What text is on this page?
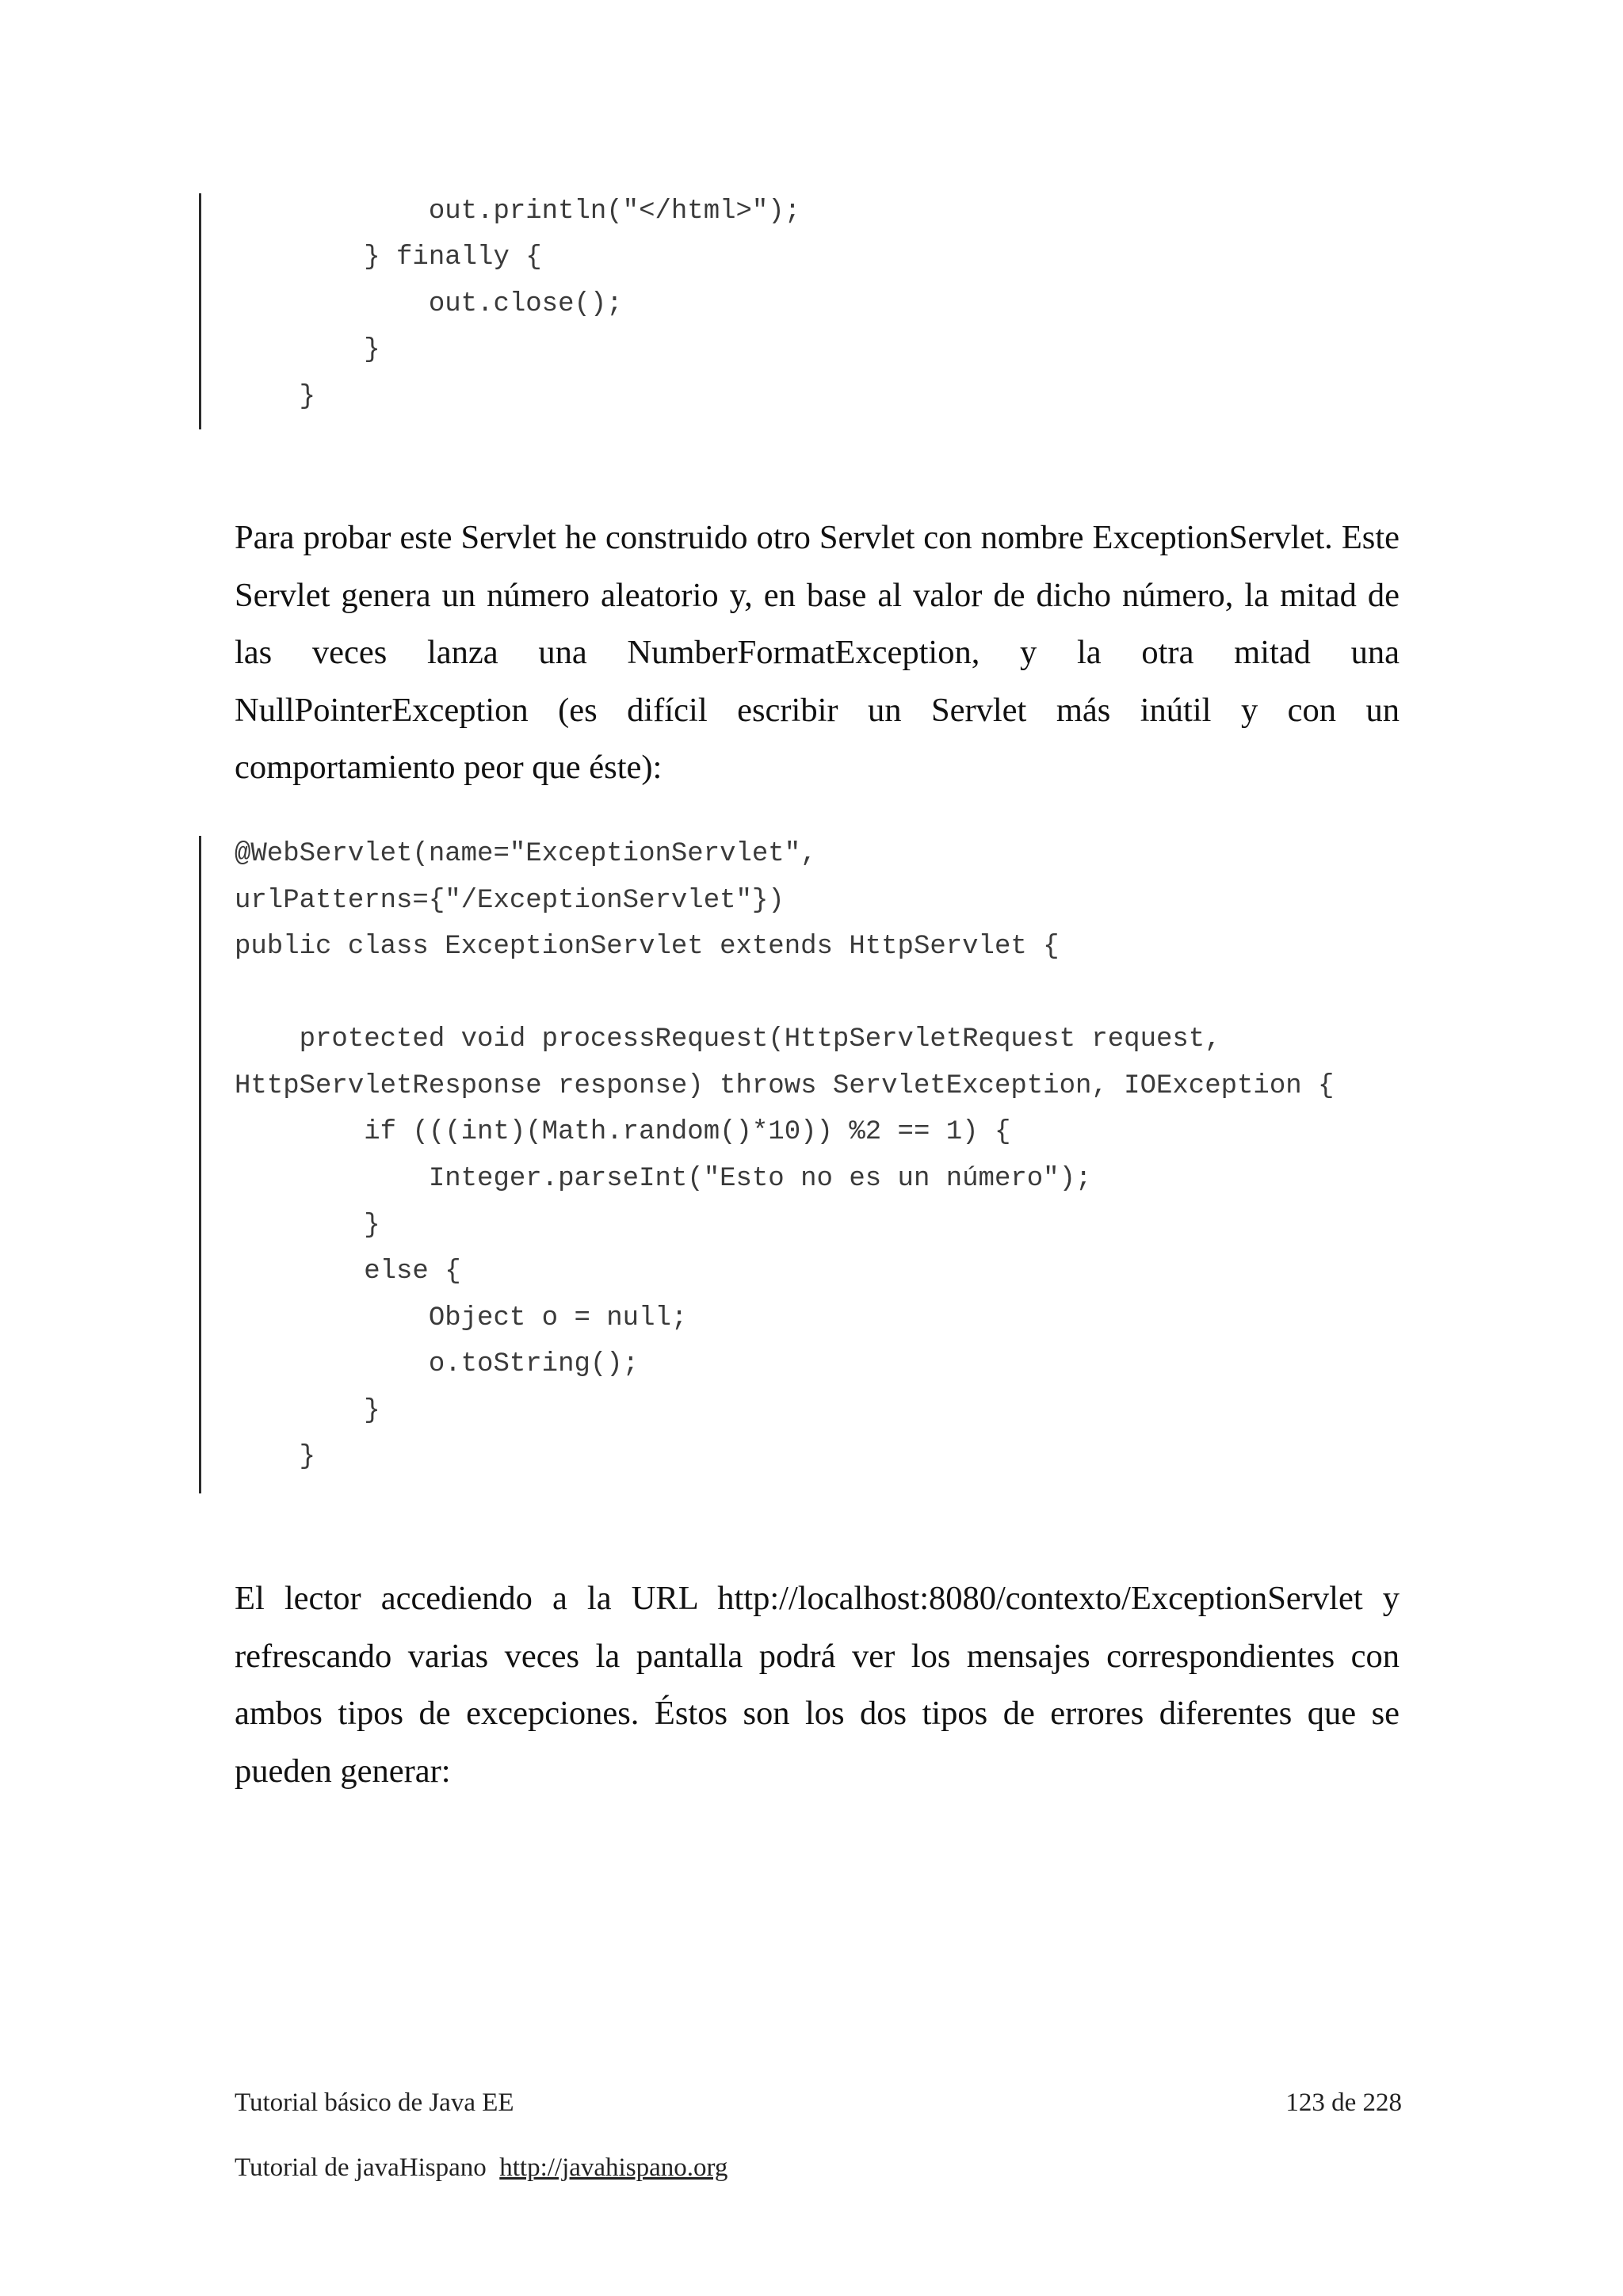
out.println("</html>");
} finally {
out.close();
}
}

Para probar este Servlet he construido otro Servlet con nombre ExceptionServlet. Este Servlet genera un número aleatorio y, en base al valor de dicho número, la mitad de las veces lanza una NumberFormatException, y la otra mitad una NullPointerException (es difícil escribir un Servlet más inútil y con un comportamiento peor que éste):

@WebServlet(name="ExceptionServlet",
urlPatterns={"/ExceptionServlet"})
public class ExceptionServlet extends HttpServlet {
protected void processRequest(HttpServletRequest request,
HttpServletResponse response) throws ServletException, IOException {
if (((int)(Math.random()*10)) %2 == 1) {
Integer.parseInt("Esto no es un número");
}
else {
Object o = null;
o.toString();
}
}

El lector accediendo a la URL http://localhost:8080/contexto/ExceptionServlet y refrescando varias veces la pantalla podrá ver los mensajes correspondientes con ambos tipos de excepciones. Éstos son los dos tipos de errores diferentes que se pueden generar:

Tutorial básico de Java EE	123 de 228
Tutorial de javaHispano http://javahispano.org
